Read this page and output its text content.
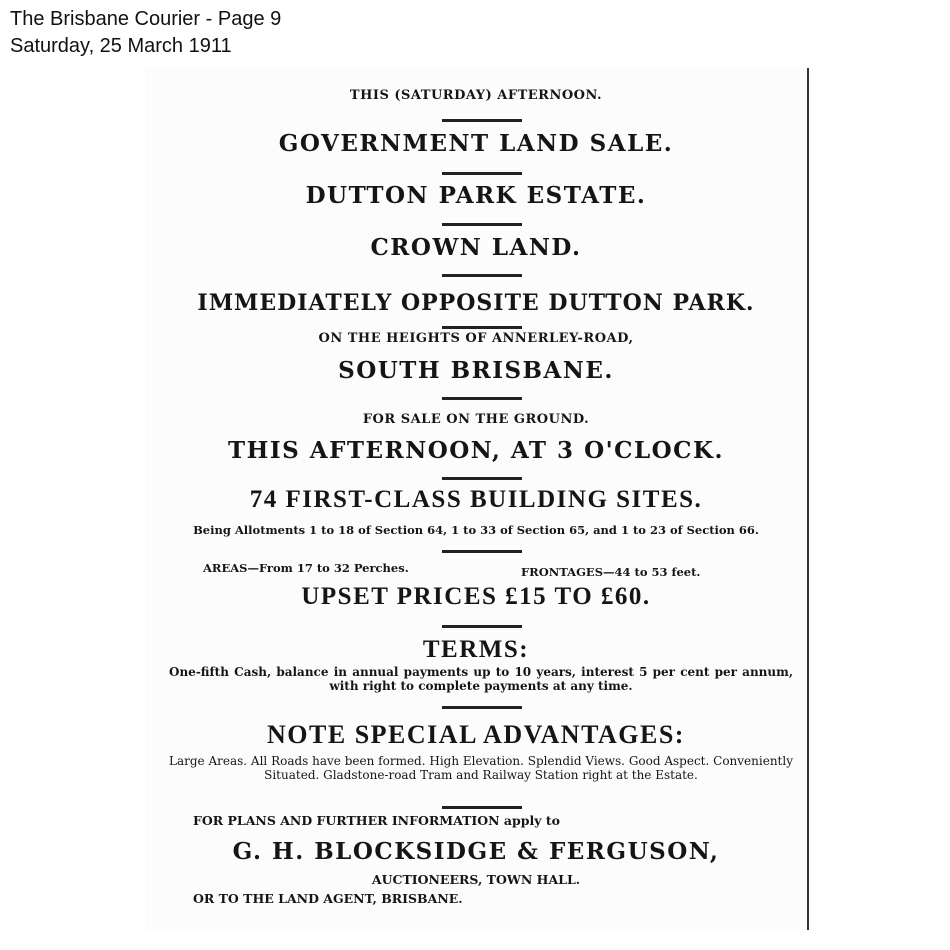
The Brisbane Courier - Page 9
Saturday, 25 March 1911
THIS (SATURDAY) AFTERNOON.
GOVERNMENT LAND SALE.
DUTTON PARK ESTATE.
CROWN LAND.
IMMEDIATELY OPPOSITE DUTTON PARK.
ON THE HEIGHTS OF ANNERLEY-ROAD,
SOUTH BRISBANE.
FOR SALE ON THE GROUND.
THIS AFTERNOON, AT 3 O'CLOCK.
74 FIRST-CLASS BUILDING SITES.
Being Allotments 1 to 18 of Section 64, 1 to 33 of Section 65, and 1 to 23 of Section 66.
AREAS—From 17 to 32 Perches.	FRONTAGES—44 to 53 feet.
UPSET PRICES £15 TO £60.
TERMS:
One-fifth Cash, balance in annual payments up to 10 years, interest 5 per cent per annum, with right to complete payments at any time.
NOTE SPECIAL ADVANTAGES:
Large Areas. All Roads have been formed. High Elevation. Splendid Views. Good Aspect. Conveniently Situated. Gladstone-road Tram and Railway Station right at the Estate.
FOR PLANS AND FURTHER INFORMATION apply to
G. H. BLOCKSIDGE & FERGUSON,
AUCTIONEERS, TOWN HALL.
OR TO THE LAND AGENT, BRISBANE.
